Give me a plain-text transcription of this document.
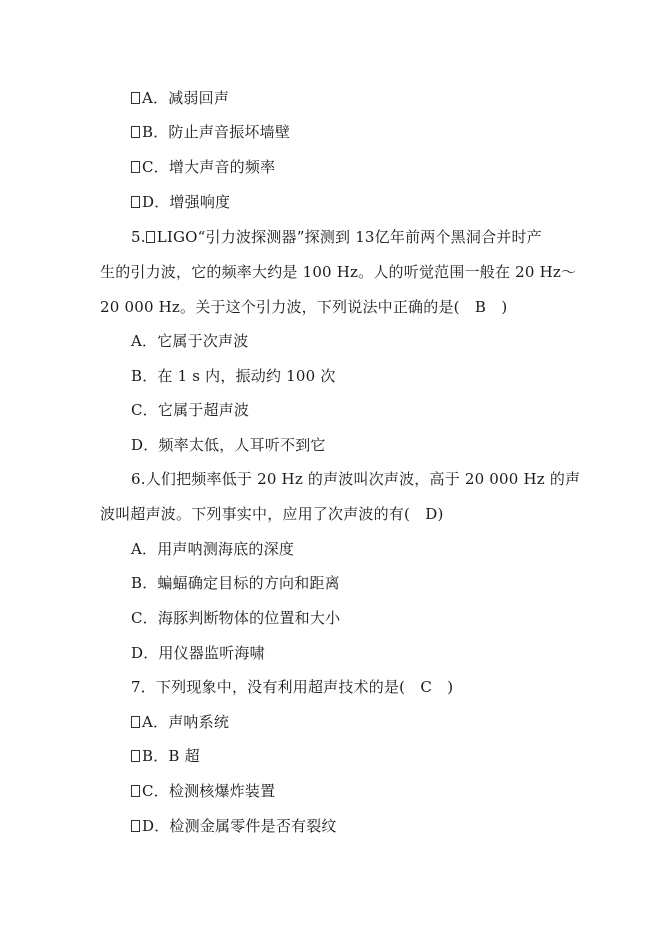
A．减弱回声
B．防止声音振坏墙壁
C．增大声音的频率
D．增强响度
5. LIGO“引力波探测器”探测到 13亿年前两个黑洞合并时产
生的引力波，它的频率大约是 100 Hz。人的听觉范围一般在 20 Hz～
20 000 Hz。关于这个引力波，下列说法中正确的是(　B　)
A．它属于次声波
B．在 1 s 内，振动约 100 次
C．它属于超声波
D．频率太低，人耳听不到它
6.人们把频率低于 20 Hz 的声波叫次声波，高于 20 000 Hz 的声
波叫超声波。下列事实中，应用了次声波的有(　D)
A．用声呐测海底的深度
B．蝙蝠确定目标的方向和距离
C．海豚判断物体的位置和大小
D．用仪器监听海啸
7．下列现象中，没有利用超声技术的是(　C　)
A．声呐系统
B．B 超
C．检测核爆炸装置
D．检测金属零件是否有裂纹
